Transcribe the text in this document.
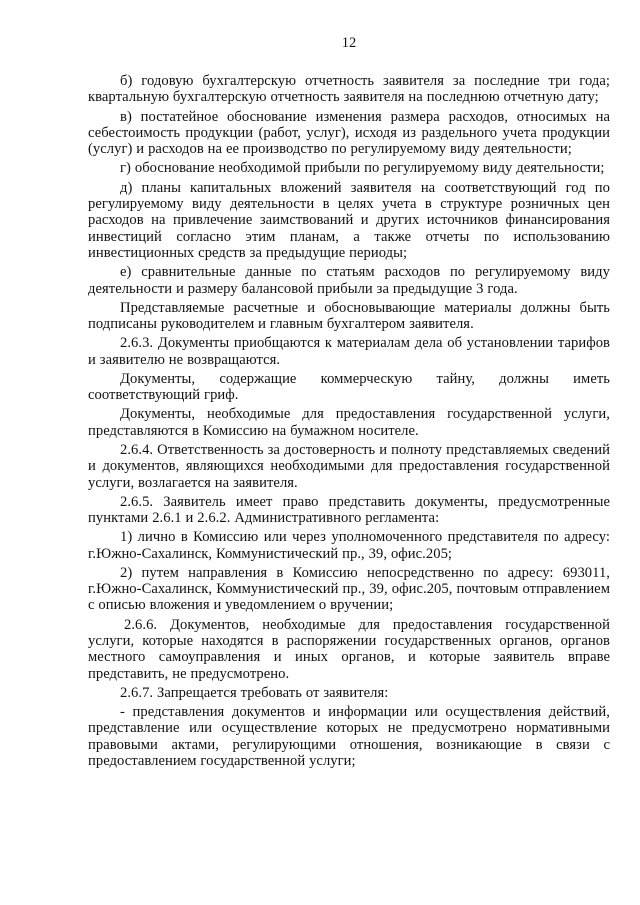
12

б) годовую бухгалтерскую отчетность заявителя за последние три года; квартальную бухгалтерскую отчетность заявителя на последнюю отчетную дату;

в) постатейное обоснование изменения размера расходов, относимых на себестоимость продукции (работ, услуг), исходя из раздельного учета продукции (услуг) и расходов на ее производство по регулируемому виду деятельности;

г) обоснование необходимой прибыли по регулируемому виду деятельности;

д) планы капитальных вложений заявителя на соответствующий год по регулируемому виду деятельности в целях учета в структуре розничных цен расходов на привлечение заимствований и других источников финансирования инвестиций согласно этим планам, а также отчеты по использованию инвестиционных средств за предыдущие периоды;

е) сравнительные данные по статьям расходов по регулируемому виду деятельности и размеру балансовой прибыли за предыдущие 3 года.

Представляемые расчетные и обосновывающие материалы должны быть подписаны руководителем и главным бухгалтером заявителя.

2.6.3. Документы приобщаются к материалам дела об установлении тарифов и заявителю не возвращаются.

Документы, содержащие коммерческую тайну, должны иметь соответствующий гриф.

Документы, необходимые для предоставления государственной услуги, представляются в Комиссию на бумажном носителе.

2.6.4. Ответственность за достоверность и полноту представляемых сведений и документов, являющихся необходимыми для предоставления государственной услуги, возлагается на заявителя.

2.6.5. Заявитель имеет право представить документы, предусмотренные пунктами 2.6.1 и 2.6.2. Административного регламента:

1) лично в Комиссию или через уполномоченного представителя по адресу: г.Южно-Сахалинск, Коммунистический пр., 39, офис.205;

2) путем направления в Комиссию непосредственно по адресу: 693011, г.Южно-Сахалинск, Коммунистический пр., 39, офис.205, почтовым отправлением с описью вложения и уведомлением о вручении;

2.6.6. Документов, необходимые для предоставления государственной услуги, которые находятся в распоряжении государственных органов, органов местного самоуправления и иных органов, и которые заявитель вправе представить, не предусмотрено.

2.6.7. Запрещается требовать от заявителя:

- представления документов и информации или осуществления действий, представление или осуществление которых не предусмотрено нормативными правовыми актами, регулирующими отношения, возникающие в связи с предоставлением государственной услуги;
